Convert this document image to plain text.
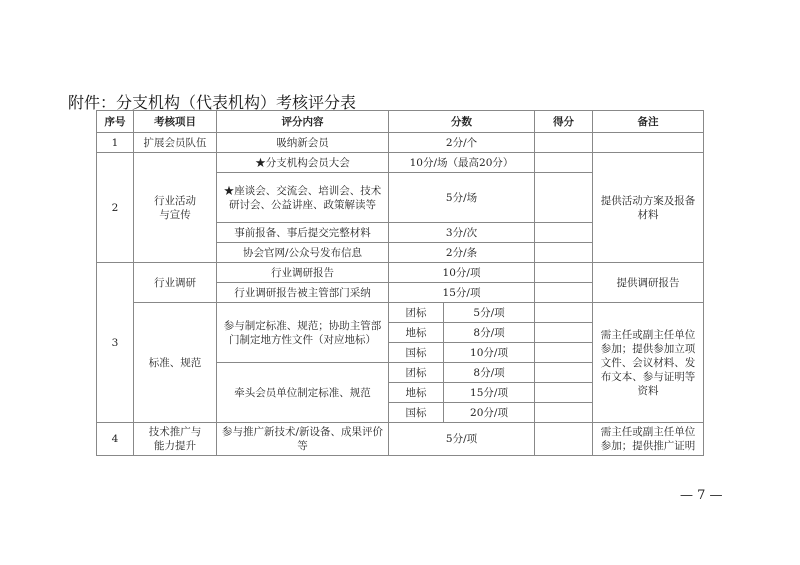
附件：分支机构（代表机构）考核评分表
序号	考核项目	评分内容	分数		得分	备注
1	扩展会员队伍	吸纳新会员	2分/个			
2	行业活动与宣传	★分支机构会员大会	10分/场（最高20分）			提供活动方案及报备材料
		★座谈会、交流会、培训会、技术研讨会、公益讲座、政策解读等	5分/场			
		事前报备、事后提交完整材料	3分/次			
		协会官网/公众号发布信息	2分/条			
3	行业调研	行业调研报告	10分/项			提供调研报告
		行业调研报告被主管部门采纳	15分/项			
	标准、规范	参与制定标准、规范；协助主管部门制定地方性文件（对应地标）	团标	5分/项		需主任或副主任单位参加；提供参加立项文件、会议材料、发布文本、参与证明等资料
			地标	8分/项		
			国标	10分/项		
		牵头会员单位制定标准、规范	团标	8分/项		
			地标	15分/项		
			国标	20分/项		
4	技术推广与能力提升	参与推广新技术/新设备、成果评价等	5分/项			需主任或副主任单位参加；提供推广证明
— 7 —
